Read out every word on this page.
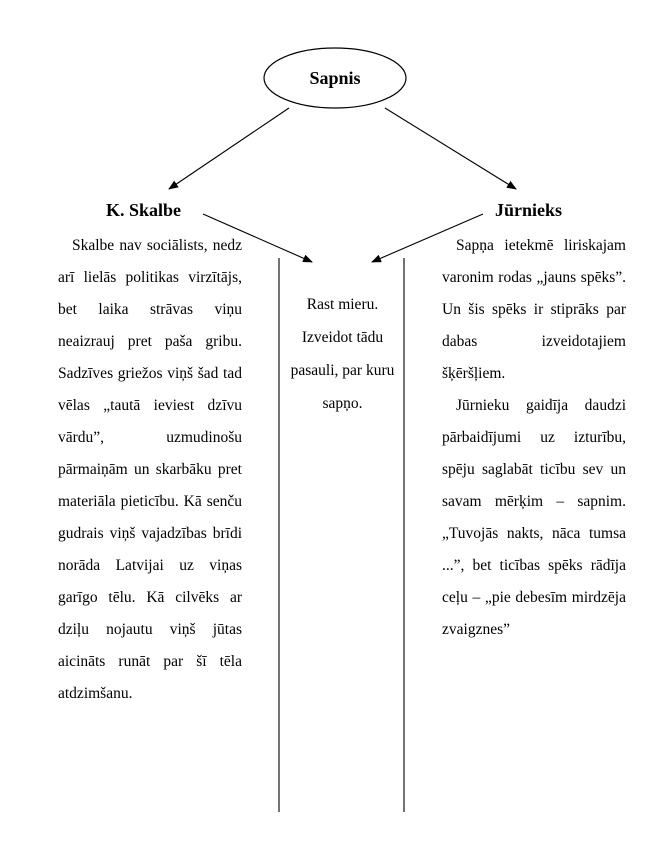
Sapnis
K. Skalbe	Jūrnieks

Skalbe nav sociālists, nedz arī lielās politikas virzītājs, bet laika strāvas viņu neaizrauj pret paša gribu. Sadzīves griežos viņš šad tad vēlas „tautā ieviest dzīvu vārdu”, uzmudinošu pārmaiņām un skarbāku pret materiāla pieticību. Kā senču gudrais viņš vajadzības brīdi norāda Latvijai uz viņas garīgo tēlu. Kā cilvēks ar dziļu nojautu viņš jūtas aicināts runāt par šī tēla atdzimšanu.

Rast mieru. Izveidot tādu pasauli, par kuru sapņo.

Sapņa ietekmē liriskajam varonim rodas „jauns spēks”. Un šis spēks ir stiprāks par dabas izveidotajiem šķēršļiem.

Jūrnieku gaidīja daudzi pārbaidījumi uz izturību, spēju saglabāt ticību sev un savam mērķim – sapnim. „Tuvojās nakts, nāca tumsa ...”, bet ticības spēks rādīja ceļu – „pie debesīm mirdzēja zvaigznes”
